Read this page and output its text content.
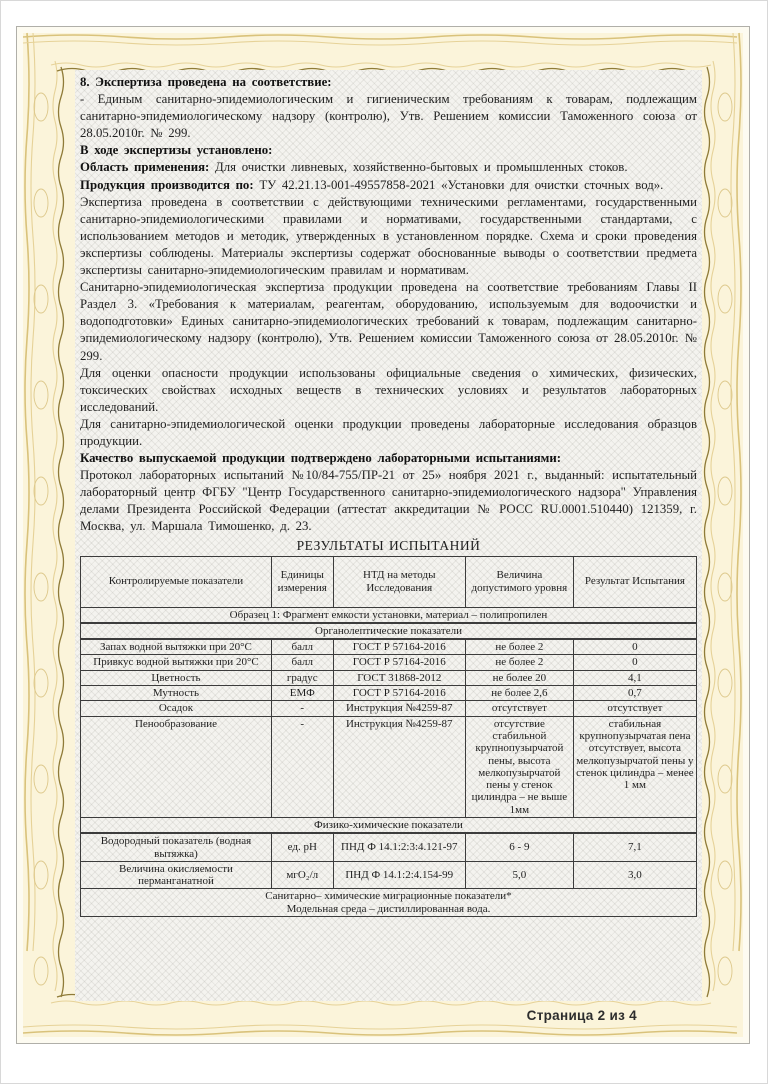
8. Экспертиза проведена на соответствие:

- Единым санитарно-эпидемиологическим и гигиеническим требованиям к товарам, подлежащим санитарно-эпидемиологическому надзору (контролю), Утв. Решением комиссии Таможенного союза от 28.05.2010г. № 299.

В ходе экспертизы установлено:

Область применения: Для очистки ливневых, хозяйственно-бытовых и промышленных стоков.

Продукция производится по: ТУ 42.21.13-001-49557858-2021 «Установки для очистки сточных вод».

Экспертиза проведена в соответствии с действующими техническими регламентами, государственными санитарно-эпидемиологическими правилами и нормативами, государственными стандартами, с использованием методов и методик, утвержденных в установленном порядке. Схема и сроки проведения экспертизы соблюдены. Материалы экспертизы содержат обоснованные выводы о соответствии предмета экспертизы санитарно-эпидемиологическим правилам и нормативам.

Санитарно-эпидемиологическая экспертиза продукции проведена на соответствие требованиям Главы II Раздел 3. «Требования к материалам, реагентам, оборудованию, используемым для водоочистки и водоподготовки» Единых санитарно-эпидемиологических требований к товарам, подлежащим санитарно-эпидемиологическому надзору (контролю), Утв. Решением комиссии Таможенного союза от 28.05.2010г. № 299.

Для оценки опасности продукции использованы официальные сведения о химических, физических, токсических свойствах исходных веществ в технических условиях и результатов лабораторных исследований.

Для санитарно-эпидемиологической оценки продукции проведены лабораторные исследования образцов продукции.

Качество выпускаемой продукции подтверждено лабораторными испытаниями:

Протокол лабораторных испытаний №10/84-755/ПР-21 от 25» ноября 2021 г., выданный: испытательный лабораторный центр ФГБУ "Центр Государственного санитарно-эпидемиологического надзора" Управления делами Президента Российской Федерации (аттестат аккредитации № РОСС RU.0001.510440) 121359, г. Москва, ул. Маршала Тимошенко, д. 23.

РЕЗУЛЬТАТЫ ИСПЫТАНИЙ
Контролируемые показатели	Единицы измерения	НТД на методы Исследования	Величина допустимого уровня	Результат Испытания
Образец 1: Фрагмент емкости установки, материал – полипропилен				
Органолептические показатели				
Запах водной вытяжки при 20°С	балл	ГОСТ Р 57164-2016	не более 2	0
Привкус водной вытяжки при 20°С	балл	ГОСТ Р 57164-2016	не более 2	0
Цветность	градус	ГОСТ 31868-2012	не более 20	4,1
Мутность	ЕМФ	ГОСТ Р 57164-2016	не более 2,6	0,7
Осадок	-	Инструкция №4259-87	отсутствует	отсутствует
Пенообразование	-	Инструкция №4259-87	отсутствие стабильной крупнопузырчатой пены, высота мелкопузырчатой пены у стенок цилиндра – не выше 1мм	стабильная крупнопузырчатая пена отсутствует, высота мелкопузырчатой пены у стенок цилиндра – менее 1 мм
Физико-химические показатели				
Водородный показатель (водная вытяжка)	ед. рН	ПНД Ф 14.1:2:3:4.121-97	6 - 9	7,1
Величина окисляемости перманганатной	мгО₂/л	ПНД Ф 14.1:2:4.154-99	5,0	3,0

Санитарно– химические миграционные показатели*
Модельная среда – дистиллированная вода.				
Страница 2 из 4
